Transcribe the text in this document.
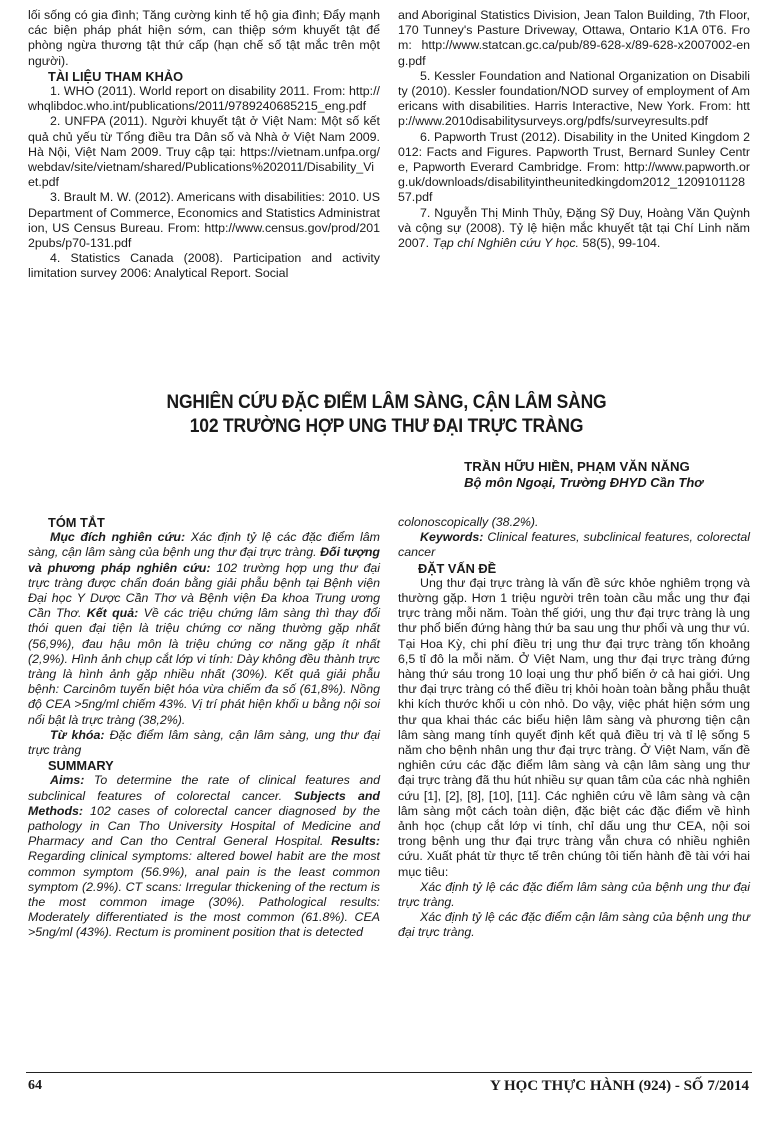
lối sống có gia đình; Tăng cường kinh tế hộ gia đình; Đẩy mạnh các biện pháp phát hiện sớm, can thiệp sớm khuyết tật để phòng ngừa thương tật thứ cấp (hạn chế số tật mắc trên một người).

TÀI LIỆU THAM KHẢO

1. WHO (2011). World report on disability 2011. From: http://whqlibdoc.who.int/publications/2011/9789240685215_eng.pdf

2. UNFPA (2011). Người khuyết tật ở Việt Nam: Một số kết quả chủ yếu từ Tổng điều tra Dân số và Nhà ở Việt Nam 2009. Hà Nội, Việt Nam 2009. Truy cập tại: https://vietnam.unfpa.org/webdav/site/vietnam/shared/Publications%202011/Disability_Viet.pdf

3. Brault M. W. (2012). Americans with disabilities: 2010. US Department of Commerce, Economics and Statistics Administration, US Census Bureau. From: http://www.census.gov/prod/2012pubs/p70-131.pdf

4. Statistics Canada (2008). Participation and activity limitation survey 2006: Analytical Report. Social

and Aboriginal Statistics Division, Jean Talon Building, 7th Floor, 170 Tunney's Pasture Driveway, Ottawa, Ontario K1A 0T6. From: http://www.statcan.gc.ca/pub/89-628-x/89-628-x2007002-eng.pdf

5. Kessler Foundation and National Organization on Disability (2010). Kessler foundation/NOD survey of employment of Americans with disabilities. Harris Interactive, New York. From: http://www.2010disabilitysurveys.org/pdfs/surveyresults.pdf

6. Papworth Trust (2012). Disability in the United Kingdom 2012: Facts and Figures. Papworth Trust, Bernard Sunley Centre, Papworth Everard Cambridge. From: http://www.papworth.org.uk/downloads/disabilityintheunitedkingdom2012_120910112857.pdf

7. Nguyễn Thị Minh Thủy, Đặng Sỹ Duy, Hoàng Văn Quỳnh và cộng sự (2008). Tỷ lệ hiện mắc khuyết tật tại Chí Linh năm 2007. Tạp chí Nghiên cứu Y học. 58(5), 99-104.

NGHIÊN CỨU ĐẶC ĐIỂM LÂM SÀNG, CẬN LÂM SÀNG
102 TRƯỜNG HỢP UNG THƯ ĐẠI TRỰC TRÀNG
TRẦN HỮU HIỀN, PHẠM VĂN NĂNG
Bộ môn Ngoại, Trường ĐHYD Cần Thơ

TÓM TẮT

Mục đích nghiên cứu: Xác định tỷ lệ các đặc điểm lâm sàng, cận lâm sàng của bệnh ung thư đại trực tràng. Đối tượng và phương pháp nghiên cứu: 102 trường hợp ung thư đại trực tràng được chẩn đoán bằng giải phẫu bệnh tại Bệnh viện Đại học Y Dược Cần Thơ và Bệnh viện Đa khoa Trung ương Cần Thơ. Kết quả: Về các triệu chứng lâm sàng thì thay đổi thói quen đại tiện là triệu chứng cơ năng thường gặp nhất (56,9%), đau hậu môn là triệu chứng cơ năng gặp ít nhất (2,9%). Hình ảnh chụp cắt lớp vi tính: Dày không đều thành trực tràng là hình ảnh gặp nhiều nhất (30%). Kết quả giải phẫu bệnh: Carcinôm tuyến biệt hóa vừa chiếm đa số (61,8%). Nồng độ CEA >5ng/ml chiếm 43%. Vị trí phát hiện khối u bằng nội soi nổi bật là trực tràng (38,2%).

Từ khóa: Đặc điểm lâm sàng, cận lâm sàng, ung thư đại trực tràng

SUMMARY

Aims: To determine the rate of clinical features and subclinical features of colorectal cancer. Subjects and Methods: 102 cases of colorectal cancer diagnosed by the pathology in Can Tho University Hospital of Medicine and Pharmacy and Can tho Central General Hospital. Results: Regarding clinical symptoms: altered bowel habit are the most common symptom (56.9%), anal pain is the least common symptom (2.9%). CT scans: Irregular thickening of the rectum is the most common image (30%). Pathological results: Moderately differentiated is the most common (61.8%). CEA >5ng/ml (43%). Rectum is prominent position that is detected

colonoscopically (38.2%).

Keywords: Clinical features, subclinical features, colorectal cancer

ĐẶT VẤN ĐỀ

Ung thư đại trực tràng là vấn đề sức khỏe nghiêm trọng và thường gặp. Hơn 1 triệu người trên toàn cầu mắc ung thư đại trực tràng mỗi năm. Toàn thế giới, ung thư đại trực tràng là ung thư phổ biến đứng hàng thứ ba sau ung thư phổi và ung thư vú. Tại Hoa Kỳ, chi phí điều trị ung thư đại trực tràng tốn khoảng 6,5 tỉ đô la mỗi năm. Ở Việt Nam, ung thư đại trực tràng đứng hàng thứ sáu trong 10 loại ung thư phổ biến ở cả hai giới. Ung thư đại trực tràng có thể điều trị khỏi hoàn toàn bằng phẫu thuật khi kích thước khối u còn nhỏ. Do vậy, việc phát hiện sớm ung thư qua khai thác các biểu hiện lâm sàng và phương tiện cận lâm sàng mang tính quyết định kết quả điều trị và tỉ lệ sống 5 năm cho bệnh nhân ung thư đại trực tràng. Ở Việt Nam, vấn đề nghiên cứu các đặc điểm lâm sàng và cận lâm sàng ung thư đại trực tràng đã thu hút nhiều sự quan tâm của các nhà nghiên cứu [1], [2], [8], [10], [11]. Các nghiên cứu về lâm sàng và cận lâm sàng một cách toàn diện, đặc biệt các đặc điểm về hình ảnh học (chụp cắt lớp vi tính, chỉ dấu ung thư CEA, nội soi trong bệnh ung thư đại trực tràng vẫn chưa có nhiều nghiên cứu. Xuất phát từ thực tế trên chúng tôi tiến hành đề tài với hai mục tiêu:

Xác định tỷ lệ các đặc điểm lâm sàng của bệnh ung thư đại trực tràng.

Xác định tỷ lệ các đặc điểm cận lâm sàng của bệnh ung thư đại trực tràng.

64	Y HỌC THỰC HÀNH (924) - SỐ 7/2014
